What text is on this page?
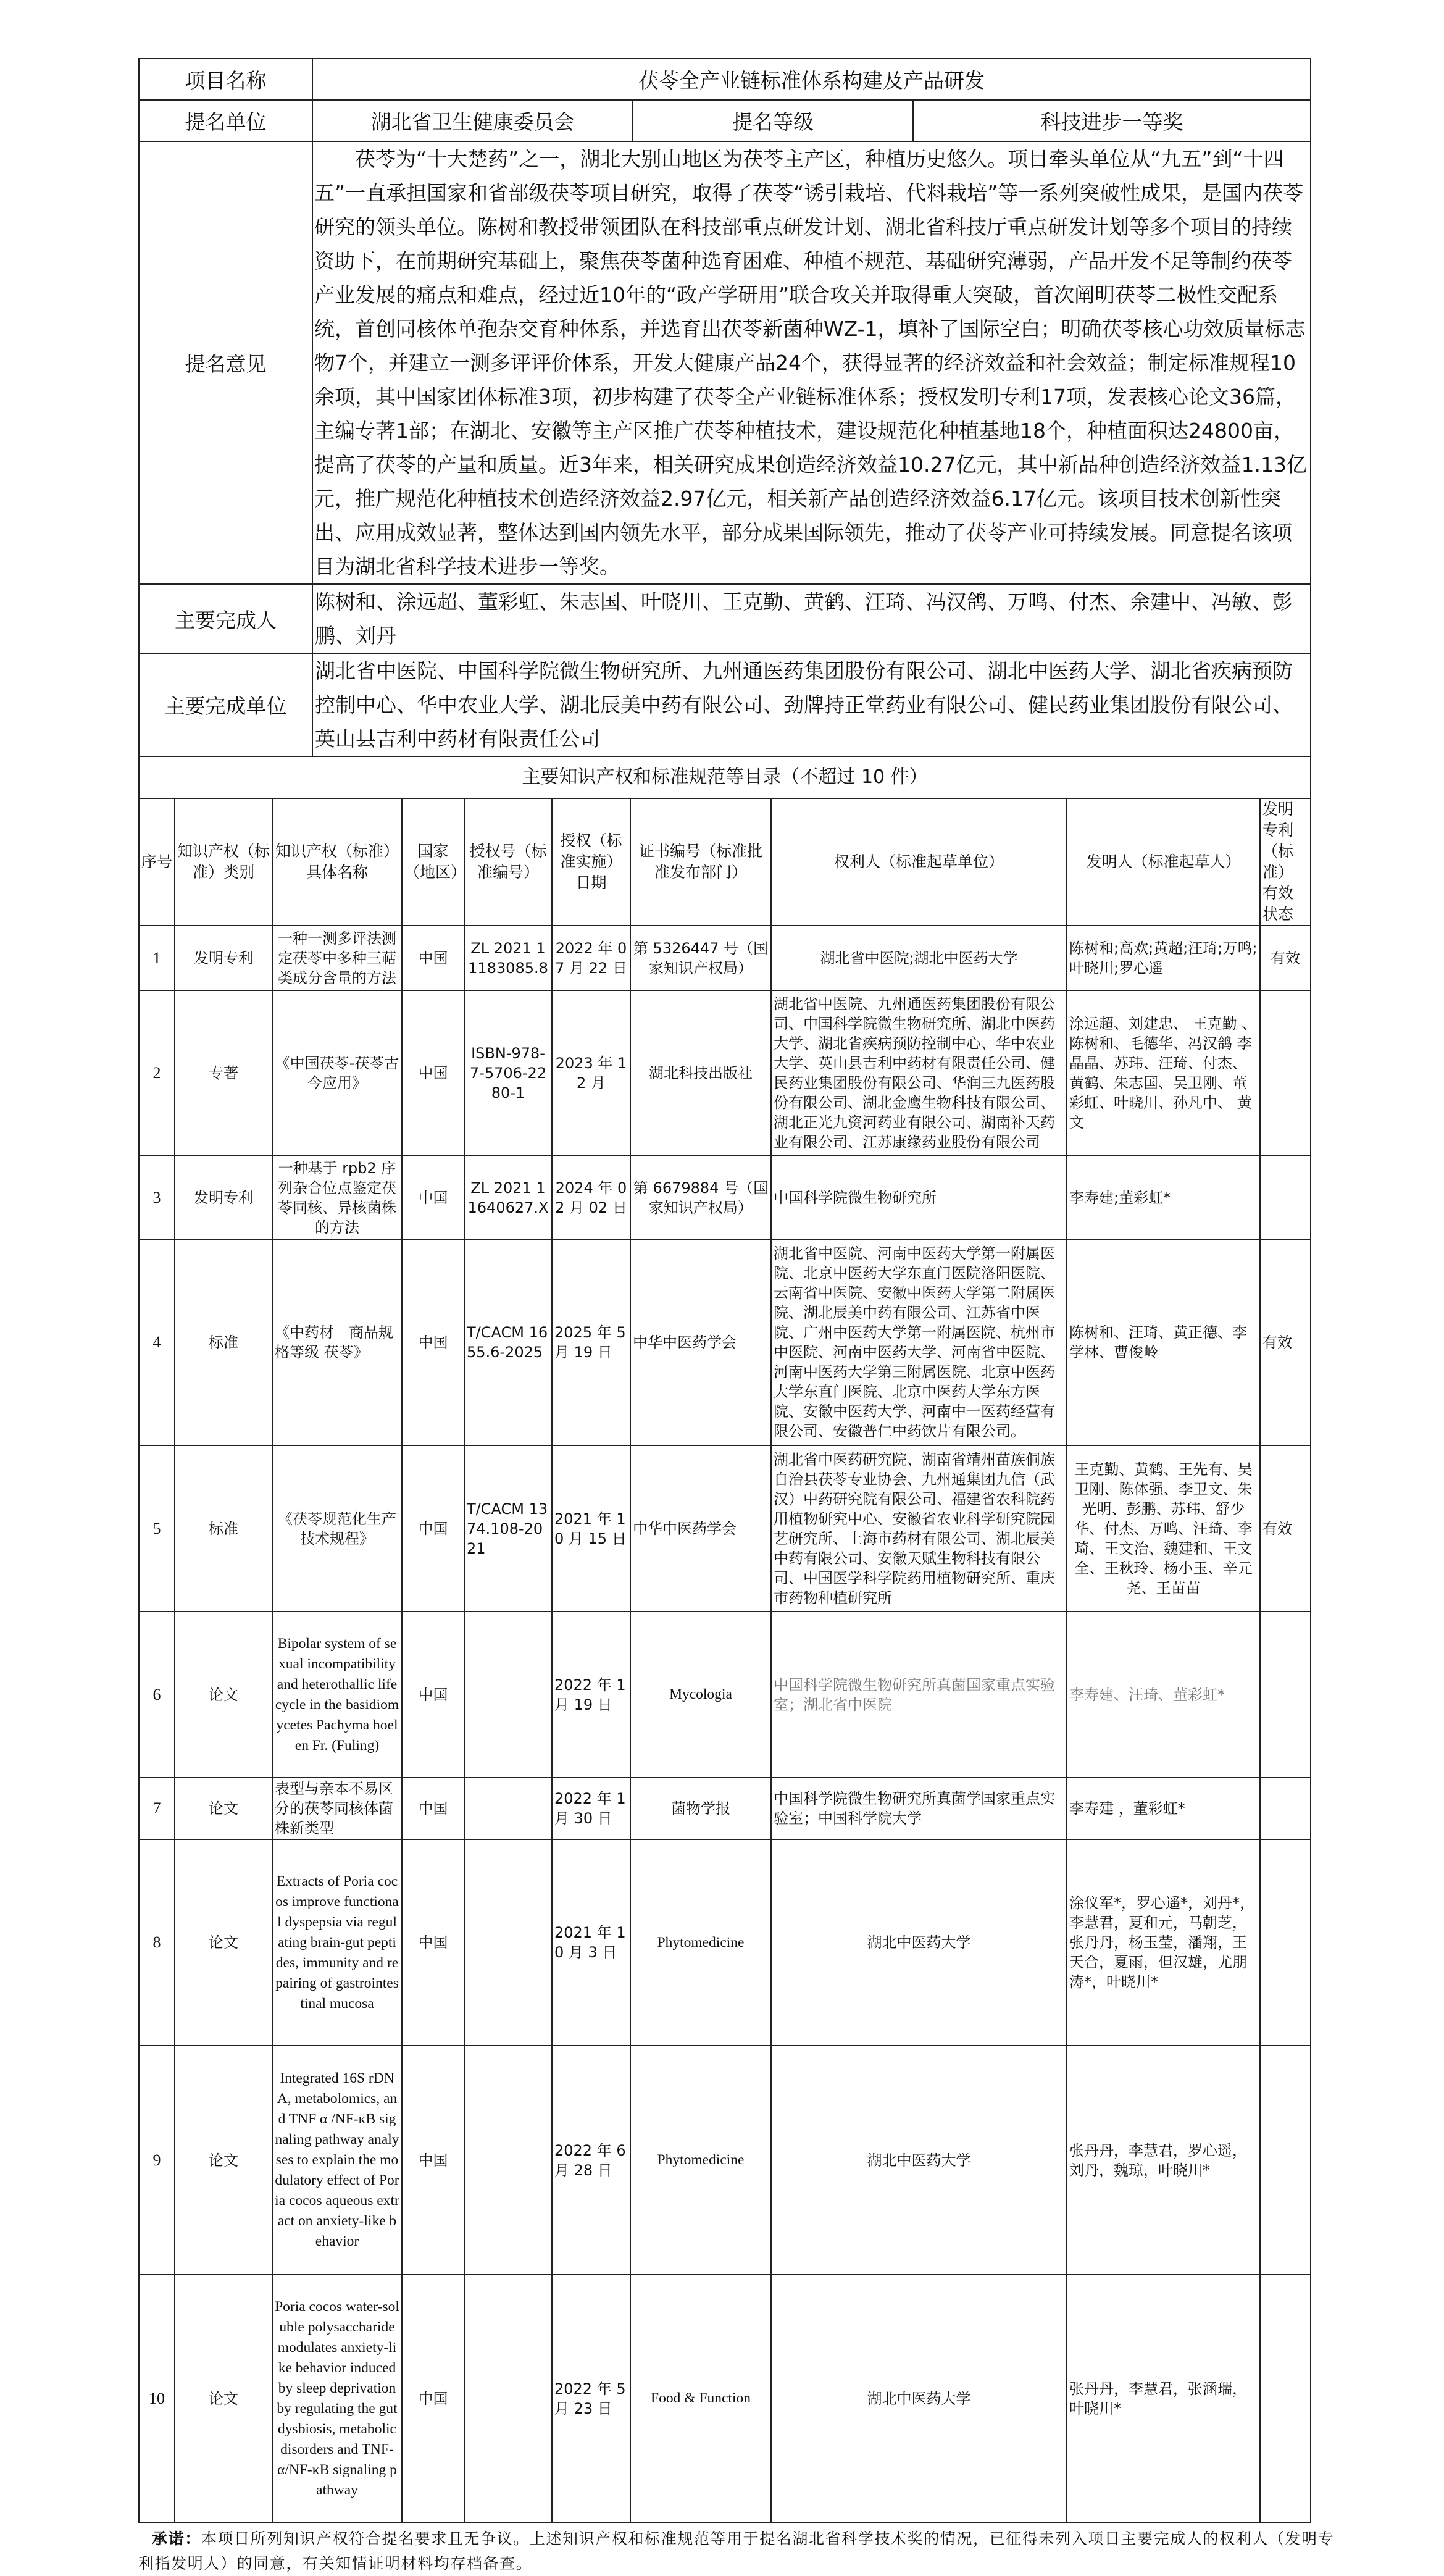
项目名称	茯苓全产业链标准体系构建及产品研发		
提名单位	湖北省卫生健康委员会	提名等级	科技进步一等奖
提名意见	茯苓为“十大楚药”之一，湖北大别山地区为茯苓主产区，种植历史悠久。项目牵头单位从“九五”到“十四五”一直承担国家和省部级茯苓项目研究，取得了茯苓“诱引栽培、代料栽培”等一系列突破性成果，是国内茯苓研究的领头单位。陈树和教授带领团队在科技部重点研发计划、湖北省科技厅重点研发计划等多个项目的持续资助下，在前期研究基础上，聚焦茯苓菌种选育困难、种植不规范、基础研究薄弱，产品开发不足等制约茯苓产业发展的痛点和难点，经过近10年的“政产学研用”联合攻关并取得重大突破，首次阐明茯苓二极性交配系统，首创同核体单孢杂交育种体系，并选育出茯苓新菌种WZ-1，填补了国际空白；明确茯苓核心功效质量标志物7个，并建立一测多评评价体系，开发大健康产品24个，获得显著的经济效益和社会效益；制定标准规程10余项，其中国家团体标准3项，初步构建了茯苓全产业链标准体系；授权发明专利17项，发表核心论文36篇，主编专著1部；在湖北、安徽等主产区推广茯苓种植技术，建设规范化种植基地18个，种植面积达24800亩，提高了茯苓的产量和质量。近3年来，相关研究成果创造经济效益10.27亿元，其中新品种创造经济效益1.13亿元，推广规范化种植技术创造经济效益2.97亿元，相关新产品创造经济效益6.17亿元。该项目技术创新性突出、应用成效显著，整体达到国内领先水平，部分成果国际领先，推动了茯苓产业可持续发展。同意提名该项目为湖北省科学技术进步一等奖。		
主要完成人	陈树和、涂远超、董彩虹、朱志国、叶晓川、王克勤、黄鹤、汪琦、冯汉鸽、万鸣、付杰、余建中、冯敏、彭鹏、刘丹		
主要完成单位	湖北省中医院、中国科学院微生物研究所、九州通医药集团股份有限公司、湖北中医药大学、湖北省疾病预防控制中心、华中农业大学、湖北辰美中药有限公司、劲牌持正堂药业有限公司、健民药业集团股份有限公司、英山县吉利中药材有限责任公司		
主要知识产权和标准规范等目录（不超过 10 件）									
序号	知识产权（标准）类别	知识产权（标准）具体名称	国家（地区）	授权号（标准编号）	授权（标准实施）日期	证书编号（标准批准发布部门）	权利人（标准起草单位）	发明人（标准起草人）	发明专利（标准）有效状态
1	发明专利	一种一测多评法测定茯苓中多种三萜类成分含量的方法	中国	ZL 2021 1 1183085.8	2022 年 07 月 22 日	第 5326447 号（国家知识产权局）	湖北省中医院;湖北中医药大学	陈树和;高欢;黄超;汪琦;万鸣;叶晓川;罗心遥	有效
2	专著	《中国茯苓-茯苓古今应用》	中国	ISBN-978-7-5706-2280-1	2023 年 12 月	湖北科技出版社	湖北省中医院、九州通医药集团股份有限公司、中国科学院微生物研究所、湖北中医药大学、湖北省疾病预防控制中心、华中农业大学、英山县吉利中药材有限责任公司、健民药业集团股份有限公司、华润三九医药股份有限公司、湖北金鹰生物科技有限公司、湖北正光九资河药业有限公司、湖南补天药业有限公司、江苏康缘药业股份有限公司	涂远超、刘建忠、 王克勤 、陈树和、毛德华、冯汉鸽 李晶晶、苏玮、汪琦、付杰、黄鹤、朱志国、吴卫刚、董彩虹、叶晓川、孙凡中、 黄文	
3	发明专利	一种基于 rpb2 序列杂合位点鉴定茯苓同核、异核菌株的方法	中国	ZL 2021 1 1640627.X	2024 年 02 月 02 日	第 6679884 号（国家知识产权局）	中国科学院微生物研究所	李寿建;董彩虹*	
4	标准	《中药材　商品规格等级 茯苓》	中国	T/CACM 1655.6-2025	2025 年 5 月 19 日	中华中医药学会	湖北省中医院、河南中医药大学第一附属医院、北京中医药大学东直门医院洛阳医院、云南省中医院、安徽中医药大学第二附属医院、湖北辰美中药有限公司、江苏省中医院、广州中医药大学第一附属医院、杭州市中医院、河南中医药大学、河南省中医院、河南中医药大学第三附属医院、北京中医药大学东直门医院、北京中医药大学东方医院、安徽中医药大学、河南中一医药经营有限公司、安徽普仁中药饮片有限公司。	陈树和、汪琦、黄正德、李学林、曹俊岭	有效
5	标准	《茯苓规范化生产技术规程》	中国	T/CACM 1374.108-2021	2021 年 10 月 15 日	中华中医药学会	湖北省中医药研究院、湖南省靖州苗族侗族自治县茯苓专业协会、九州通集团九信（武汉）中药研究院有限公司、福建省农科院药用植物研究中心、安徽省农业科学研究院园艺研究所、上海市药材有限公司、湖北辰美中药有限公司、安徽天赋生物科技有限公司、中国医学科学院药用植物研究所、重庆市药物种植研究所	王克勤、黄鹤、王先有、吴卫刚、陈体强、李卫文、朱光明、彭鹏、苏玮、舒少华、付杰、万鸣、汪琦、李琦、王文治、魏建和、王文全、王秋玲、杨小玉、辛元尧、王苗苗	有效
6	论文	Bipolar system of sexual incompatibility and heterothallic life cycle in the basidiomycetes Pachyma hoelen Fr. (Fuling)	中国		2022 年 1 月 19 日	Mycologia	中国科学院微生物研究所真菌国家重点实验室；湖北省中医院	李寿建、汪琦、董彩虹*	
7	论文	表型与亲本不易区分的茯苓同核体菌株新类型	中国		2022 年 1 月 30 日	菌物学报	中国科学院微生物研究所真菌学国家重点实验室；中国科学院大学	李寿建 ，董彩虹*	
8	论文	Extracts of Poria cocos improve functional dyspepsia via regulating brain-gut peptides, immunity and repairing of gastrointestinal mucosa	中国		2021 年 10 月 3 日	Phytomedicine	湖北中医药大学	涂仪军*，罗心遥*，刘丹*，李慧君，夏和元，马朝芝，张丹丹，杨玉莹，潘翔，王天合，夏雨，但汉雄，尤朋涛*，叶晓川*	
9	论文	Integrated 16S rDNA, metabolomics, and TNF α /NF-κB signaling pathway analyses to explain the modulatory effect of Poria cocos aqueous extract on anxiety-like behavior	中国		2022 年 6 月 28 日	Phytomedicine	湖北中医药大学	张丹丹，李慧君，罗心遥，刘丹，魏琼，叶晓川*	
10	论文	Poria cocos water-soluble polysaccharide modulates anxiety-like behavior induced by sleep deprivation by regulating the gut dysbiosis, metabolic disorders and TNF-α/NF-κB signaling pathway	中国		2022 年 5 月 23 日	Food & Function	湖北中医药大学	张丹丹，李慧君，张涵瑞，叶晓川*	
承诺：本项目所列知识产权符合提名要求且无争议。上述知识产权和标准规范等用于提名湖北省科学技术奖的情况，已征得未列入项目主要完成人的权利人（发明专利指发明人）的同意，有关知情证明材料均存档备查。
